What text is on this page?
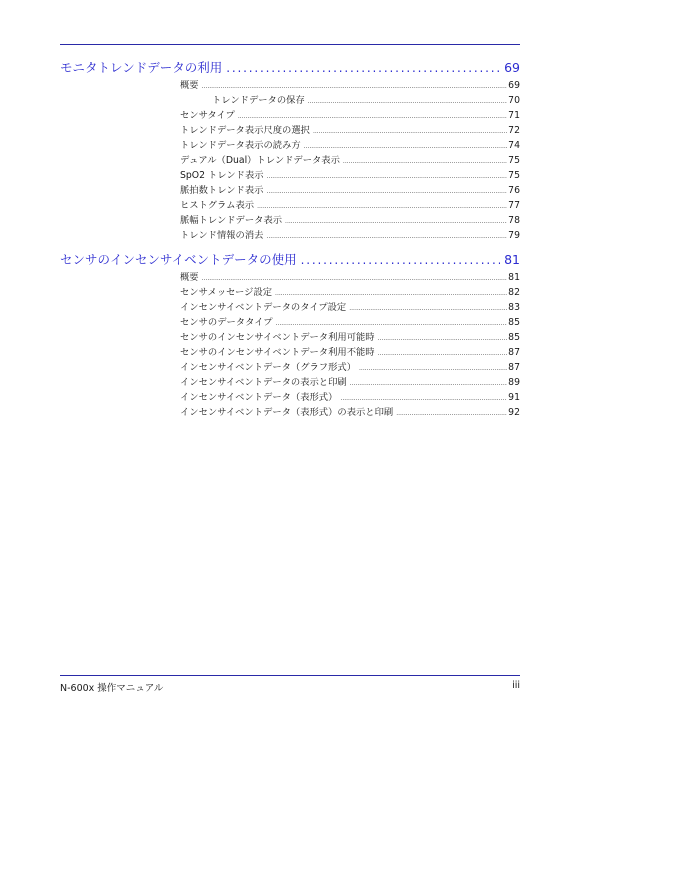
モニタトレンドデータの利用 . . .	69
概要 .....	69
トレンドデータの保存 .....	70
センサタイプ .....	71
トレンドデータ表示尺度の選択 .....	72
トレンドデータ表示の読み方 .....	74
デュアル（Dual）トレンドデータ表示 .....	75
SpO2 トレンド表示 .....	75
脈拍数トレンド表示 .....	76
ヒストグラム表示 .....	77
脈幅トレンドデータ表示 .....	78
トレンド情報の消去 .....	79
センサのインセンサイベントデータの使用 . . .	81
概要 .....	81
センサメッセージ設定 .....	82
インセンサイベントデータのタイプ設定 .....	83
センサのデータタイプ .....	85
センサのインセンサイベントデータ利用可能時 .....	85
センサのインセンサイベントデータ利用不能時 .....	87
インセンサイベントデータ（グラフ形式） .....	87
インセンサイベントデータの表示と印刷 .....	89
インセンサイベントデータ（表形式） .....	91
インセンサイベントデータ（表形式）の表示と印刷 .....	92
N-600x 操作マニュアル	iii
